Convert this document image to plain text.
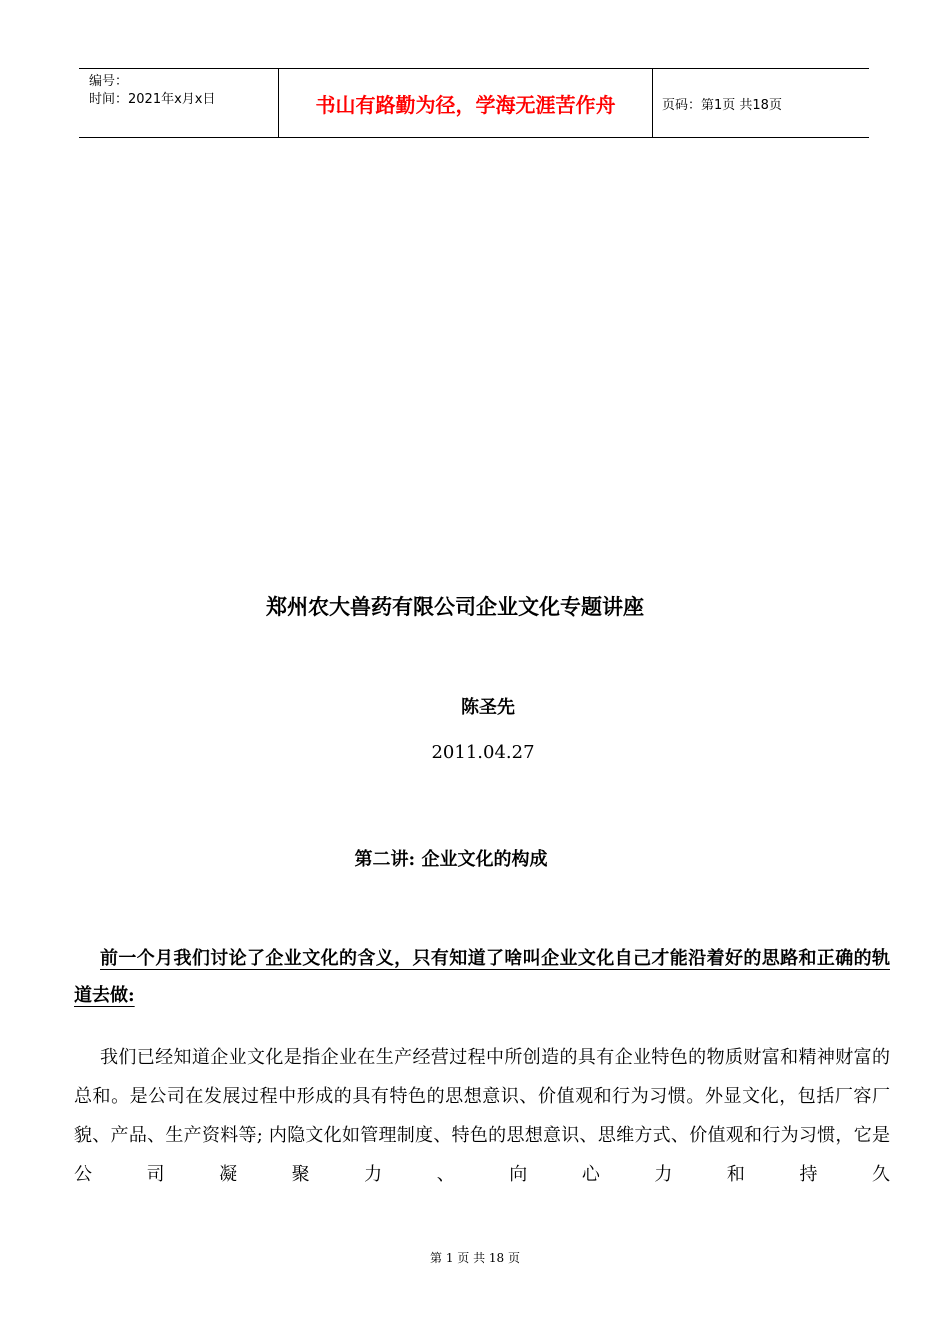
编号：
时间：2021年x月x日	书山有路勤为径，学海无涯苦作舟	页码：第1页 共18页
郑州农大兽药有限公司企业文化专题讲座
陈圣先
2011.04.27
第二讲: 企业文化的构成
前一个月我们讨论了企业文化的含义，只有知道了啥叫企业文化自己才能沿着好的思路和正确的轨道去做:
我们已经知道企业文化是指企业在生产经营过程中所创造的具有企业特色的物质财富和精神财富的总和。是公司在发展过程中形成的具有特色的思想意识、价值观和行为习惯。外显文化，包括厂容厂貌、产品、生产资料等; 内隐文化如管理制度、特色的思想意识、思维方式、价值观和行为习惯，它是公司凝聚力、向心力和持久
第 1 页 共 18 页
